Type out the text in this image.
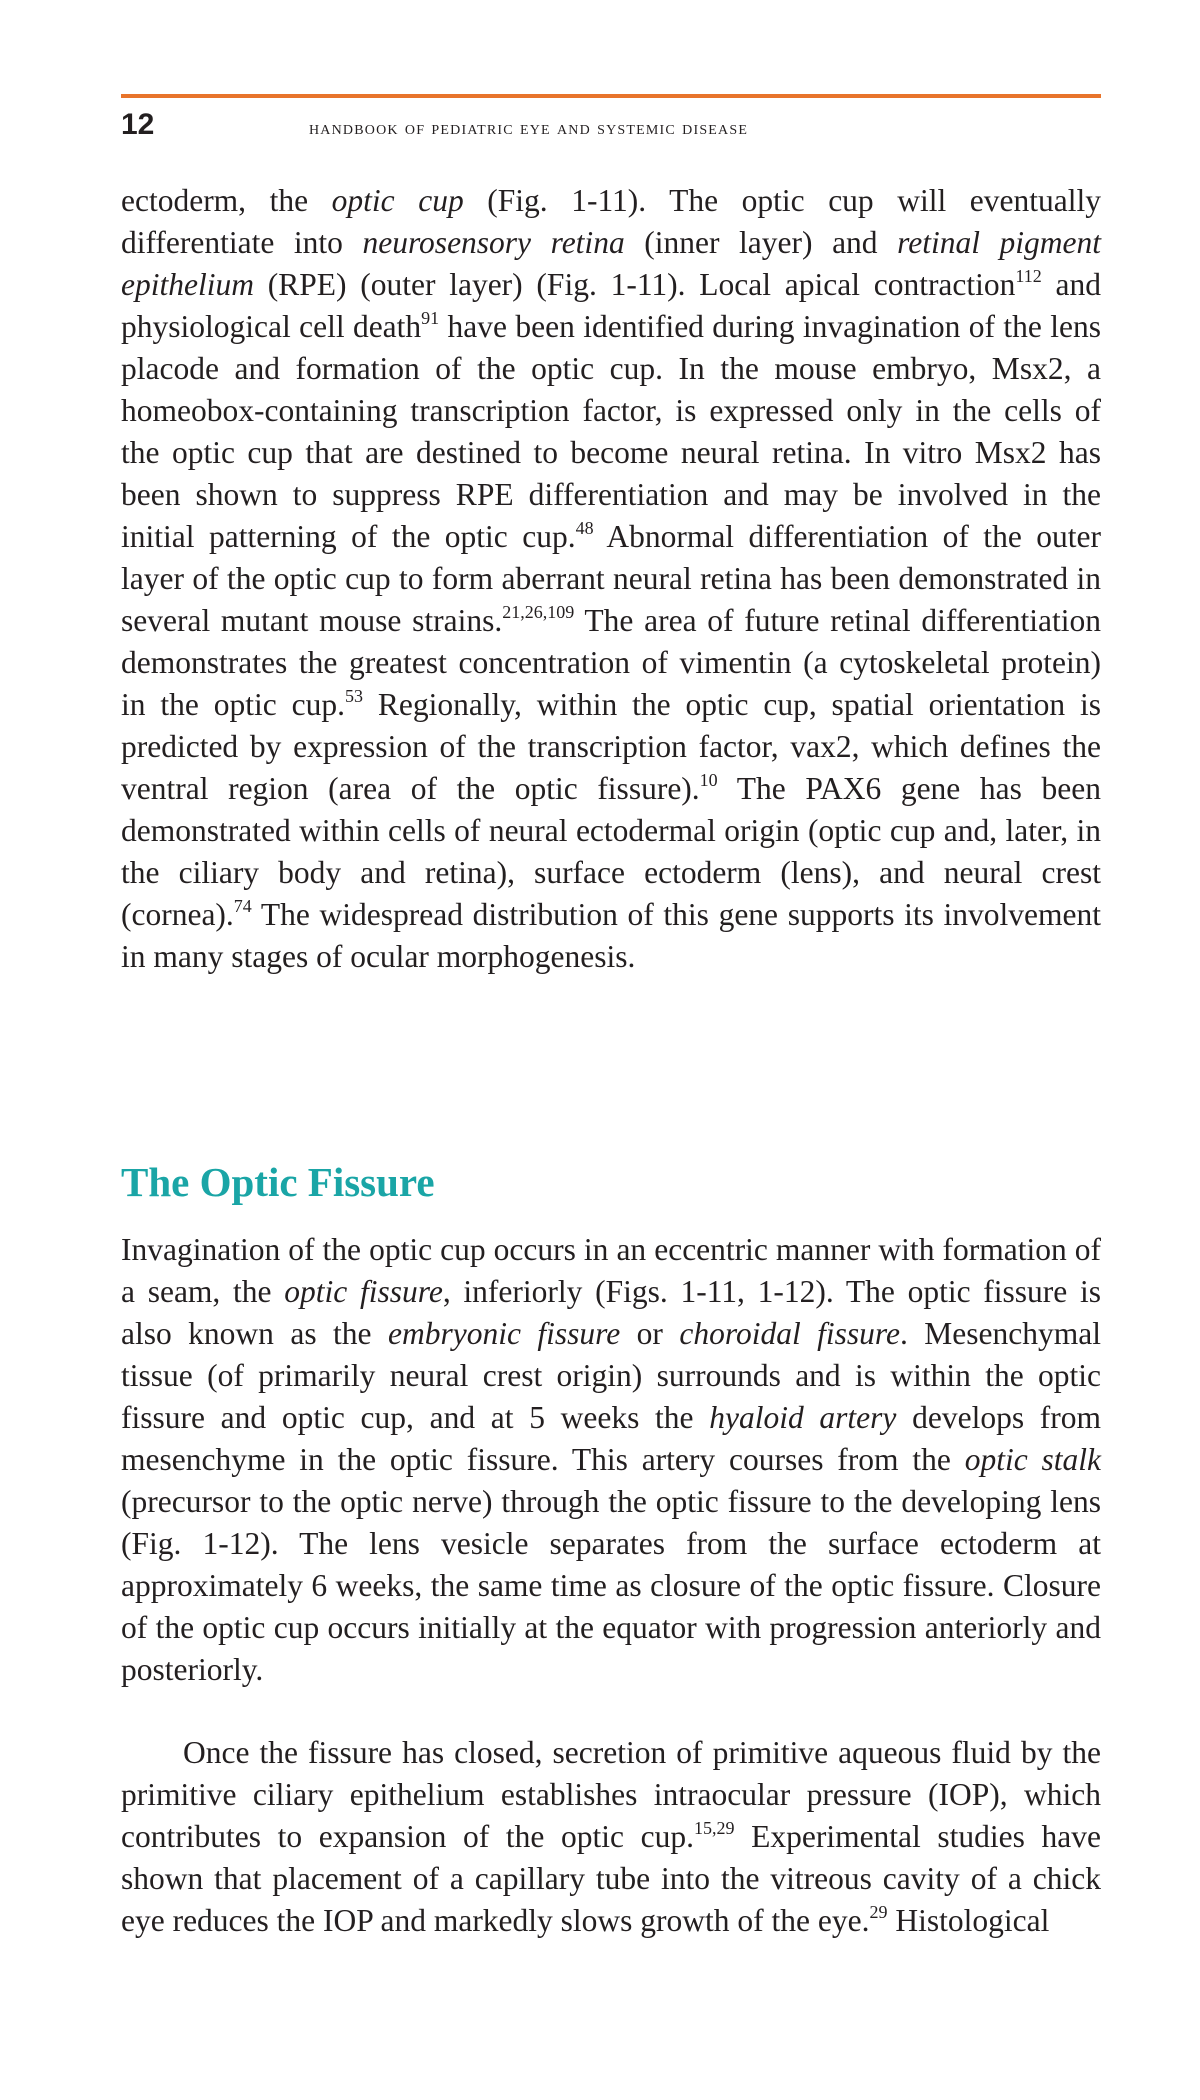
12	handbook of pediatric eye and systemic disease

ectoderm, the optic cup (Fig. 1-11). The optic cup will eventually differentiate into neurosensory retina (inner layer) and retinal pigment epithelium (RPE) (outer layer) (Fig. 1-11). Local apical contraction$^{112}$ and physiological cell death$^{91}$ have been identified during invagination of the lens placode and formation of the optic cup. In the mouse embryo, Msx2, a homeobox-containing transcription factor, is expressed only in the cells of the optic cup that are destined to become neural retina. In vitro Msx2 has been shown to suppress RPE differentiation and may be involved in the initial patterning of the optic cup.$^{48}$ Abnormal differentiation of the outer layer of the optic cup to form aberrant neural retina has been demonstrated in several mutant mouse strains.$^{21,26,109}$ The area of future retinal differentiation demonstrates the greatest concentration of vimentin (a cytoskeletal protein) in the optic cup.$^{53}$ Regionally, within the optic cup, spatial orientation is predicted by expression of the transcription factor, vax2, which defines the ventral region (area of the optic fissure).$^{10}$ The PAX6 gene has been demonstrated within cells of neural ectodermal origin (optic cup and, later, in the ciliary body and retina), surface ectoderm (lens), and neural crest (cornea).$^{74}$ The widespread distribution of this gene supports its involvement in many stages of ocular morphogenesis.

The Optic Fissure

Invagination of the optic cup occurs in an eccentric manner with formation of a seam, the optic fissure, inferiorly (Figs. 1-11, 1-12). The optic fissure is also known as the embryonic fissure or choroidal fissure. Mesenchymal tissue (of primarily neural crest origin) surrounds and is within the optic fissure and optic cup, and at 5 weeks the hyaloid artery develops from mesenchyme in the optic fissure. This artery courses from the optic stalk (precursor to the optic nerve) through the optic fissure to the developing lens (Fig. 1-12). The lens vesicle separates from the surface ectoderm at approximately 6 weeks, the same time as closure of the optic fissure. Closure of the optic cup occurs initially at the equator with progression anteriorly and posteriorly.

Once the fissure has closed, secretion of primitive aqueous fluid by the primitive ciliary epithelium establishes intraocular pressure (IOP), which contributes to expansion of the optic cup.$^{15,29}$ Experimental studies have shown that placement of a capillary tube into the vitreous cavity of a chick eye reduces the IOP and markedly slows growth of the eye.$^{29}$ Histological
